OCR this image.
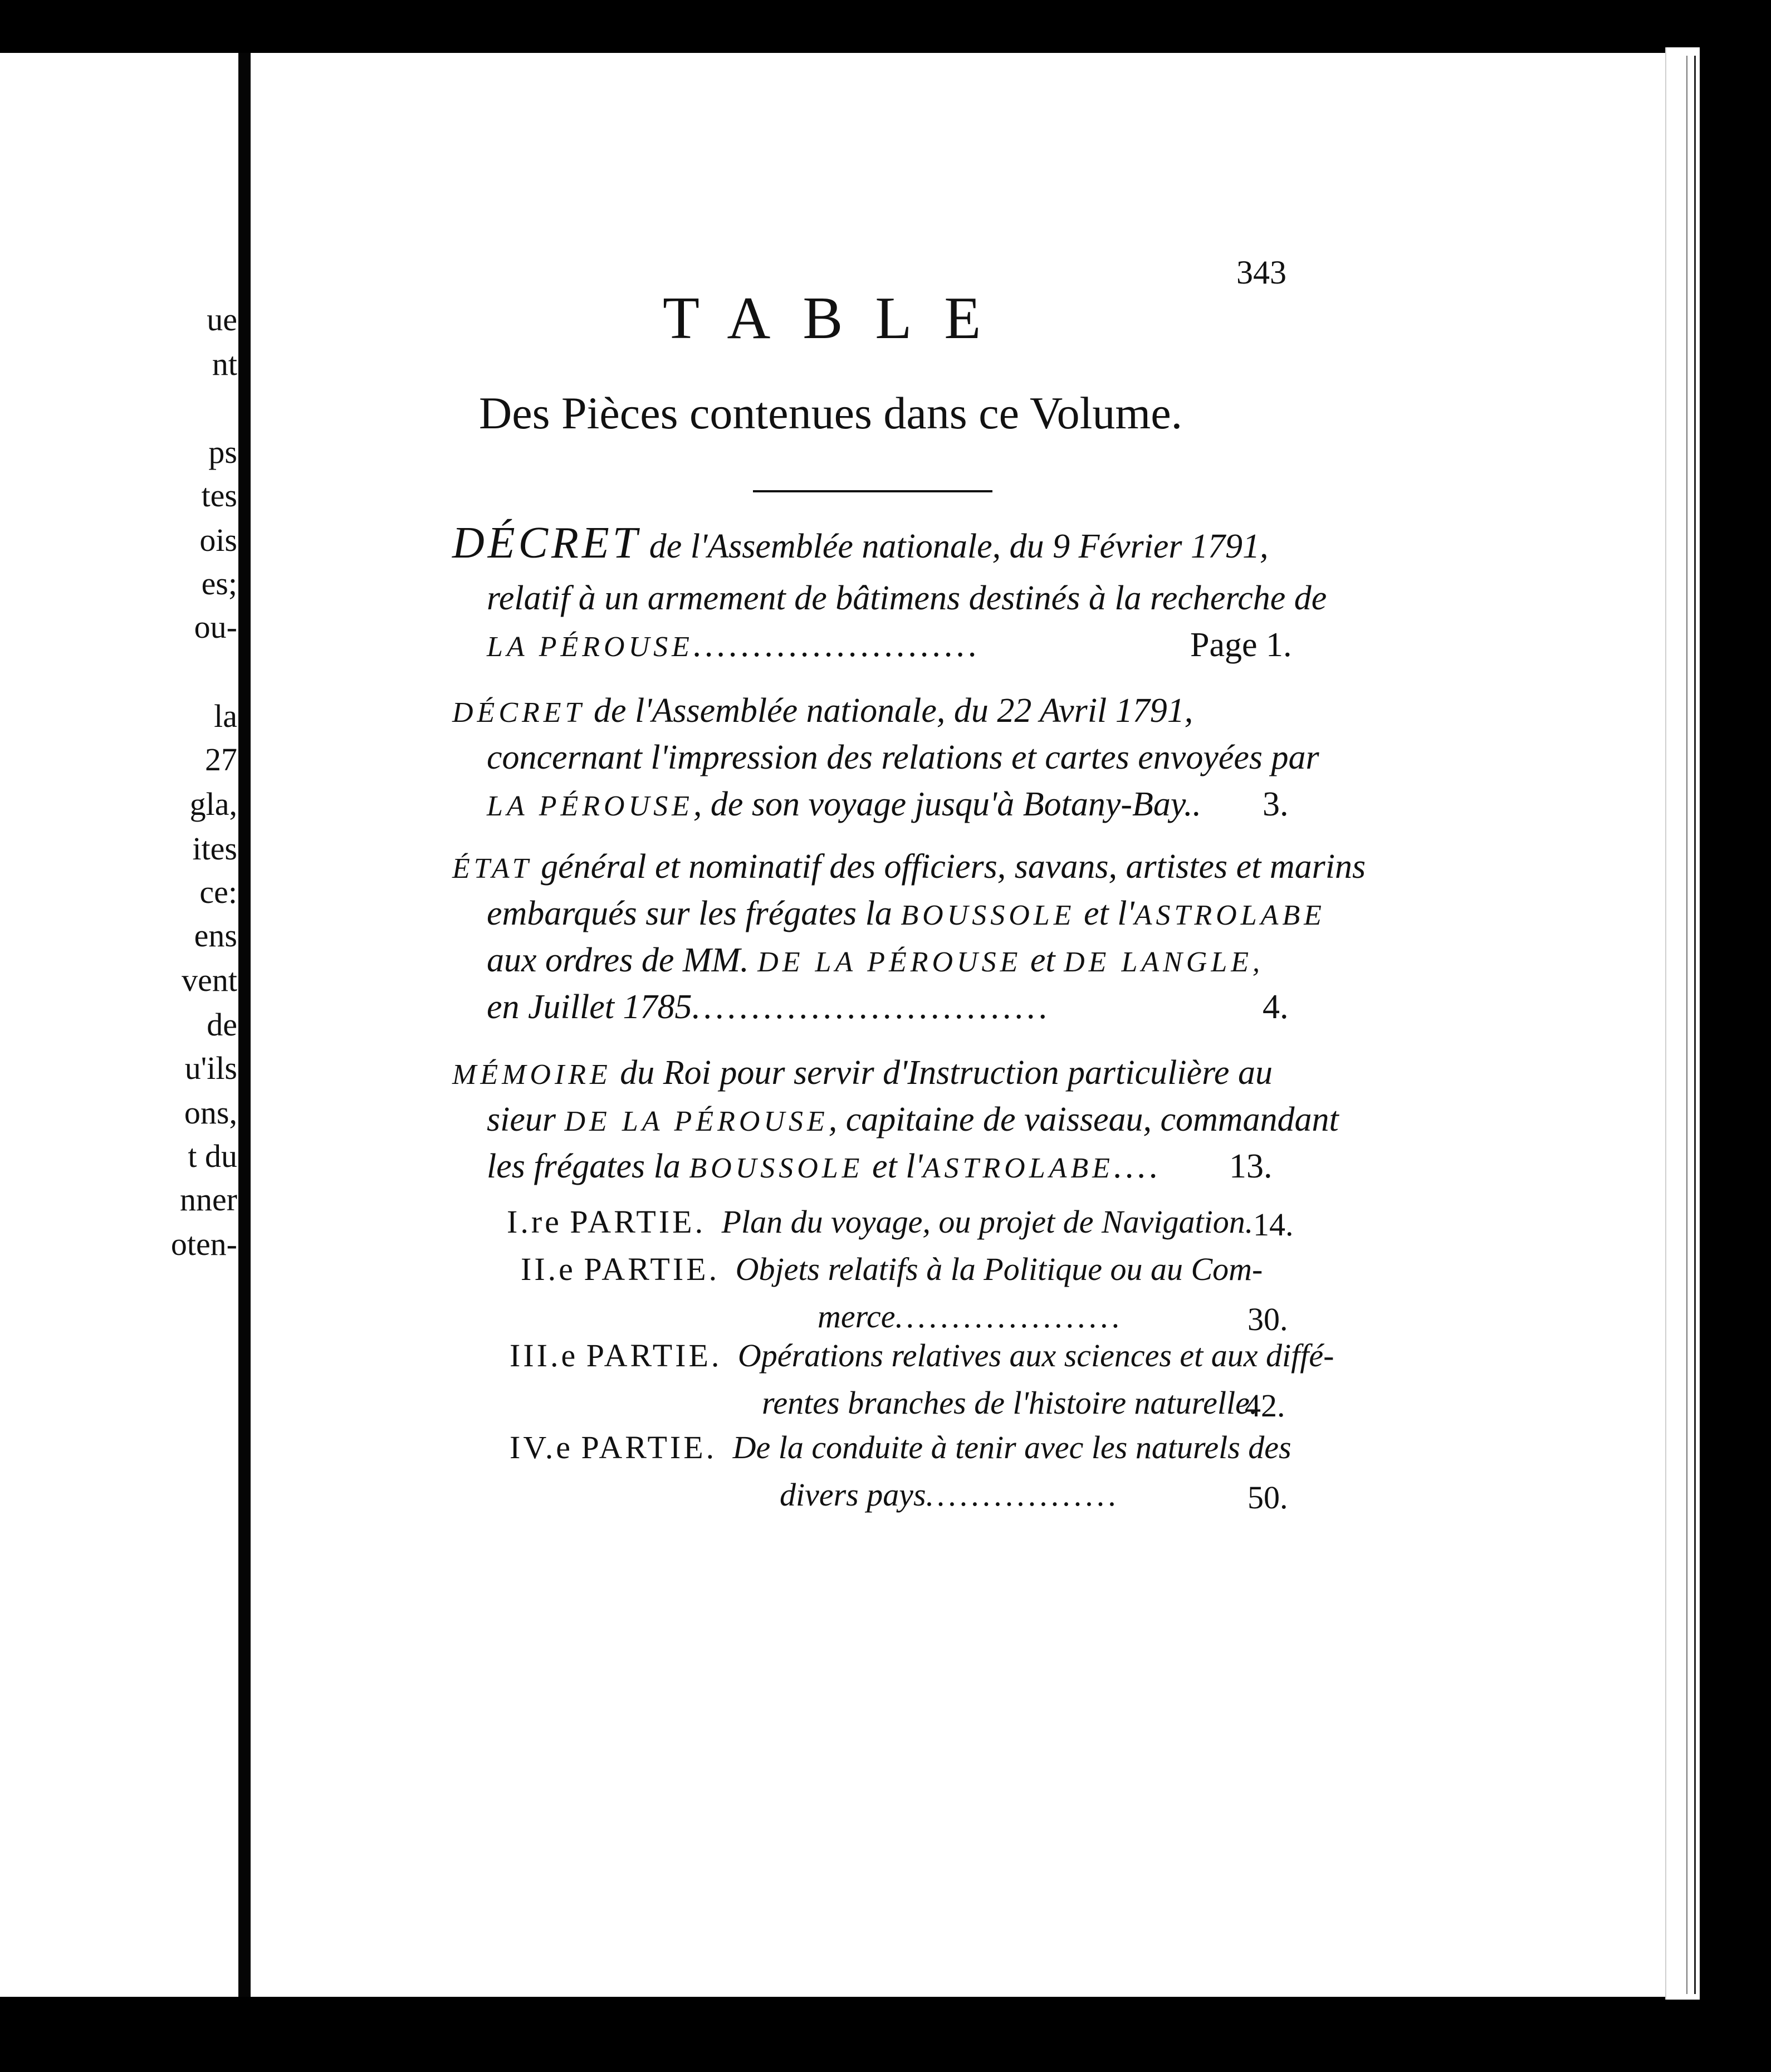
ue
nt
ps
tes
ois
es;
ou-
la
27
gla,
ites
ce:
ens
vent
de
u'ils
ons,
t du
nner
oten-
343
TABLE
Des Pièces contenues dans ce Volume.
DÉCRET de l'Assemblée nationale, du 9 Février 1791,
relatif à un armement de bâtimens destinés à la recherche de
LA PÉROUSE........................	Page 1.
DÉCRET de l'Assemblée nationale, du 22 Avril 1791,
concernant l'impression des relations et cartes envoyées par
LA PÉROUSE, de son voyage jusqu'à Botany-Bay.. 3.
ÉTAT général et nominatif des officiers, savans, artistes et marins
embarqués sur les frégates la BOUSSOLE et l'ASTROLABE
aux ordres de MM. DE LA PÉROUSE et DE LANGLE,
en Juillet 1785..............................	4.
MÉMOIRE du Roi pour servir d'Instruction particulière au
sieur DE LA PÉROUSE, capitaine de vaisseau, commandant
les frégates la BOUSSOLE et l'ASTROLABE.... 13.
I.re PARTIE. Plan du voyage, ou projet de Navigation. 14.
II.e PARTIE. Objets relatifs à la Politique ou au Com-
merce....................	30.
III.e PARTIE. Opérations relatives aux sciences et aux diffé-
rentes branches de l'histoire naturelle.
42.
IV.e PARTIE. De la conduite à tenir avec les naturels des
divers pays.................	50.
